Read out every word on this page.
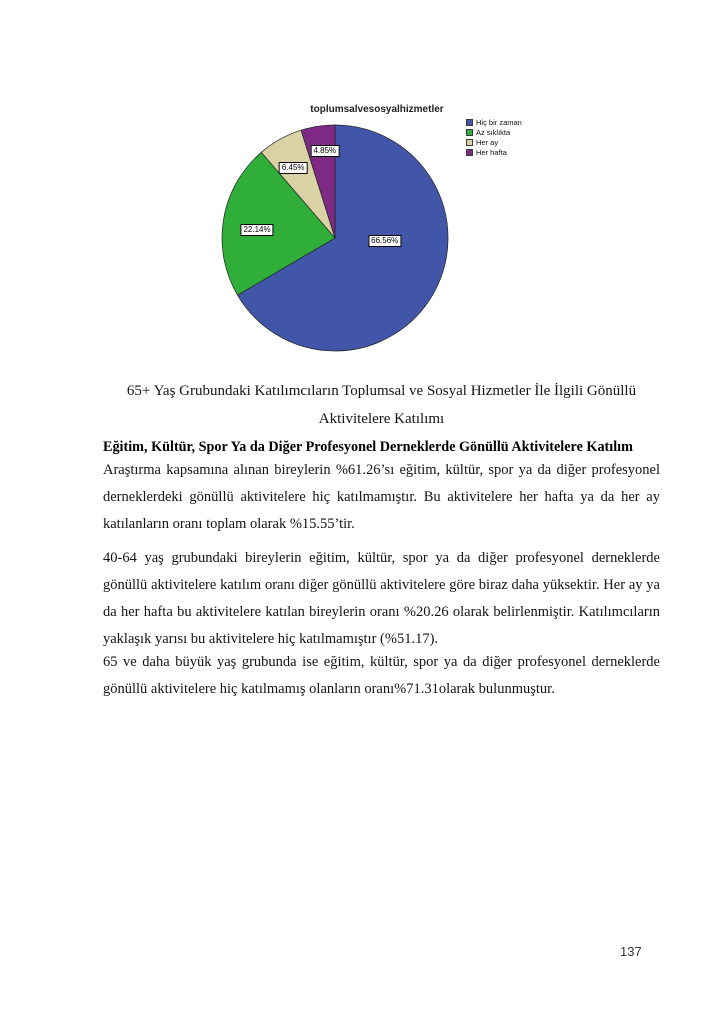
toplumsalvesosyalhizmetler
66.56%
22.14%
6.45%
4.85%
Hiç bir zaman
Az sıklıkta
Her ay
Her hafta
65+ Yaş Grubundaki Katılımcıların Toplumsal ve Sosyal Hizmetler İle İlgili Gönüllü
Aktivitelere Katılımı
Eğitim, Kültür, Spor Ya da Diğer Profesyonel Derneklerde Gönüllü Aktivitelere Katılım

Araştırma kapsamına alınan bireylerin %61.26’sı eğitim, kültür, spor ya da diğer profesyonel derneklerdeki gönüllü aktivitelere hiç katılmamıştır. Bu aktivitelere her hafta ya da her ay katılanların oranı toplam olarak %15.55’tir.

40-64 yaş grubundaki bireylerin eğitim, kültür, spor ya da diğer profesyonel derneklerde gönüllü aktivitelere katılım oranı diğer gönüllü aktivitelere göre biraz daha yüksektir. Her ay ya da her hafta bu aktivitelere katılan bireylerin oranı %20.26 olarak belirlenmiştir. Katılımcıların yaklaşık yarısı bu aktivitelere hiç katılmamıştır (%51.17).

65 ve daha büyük yaş grubunda ise eğitim, kültür, spor ya da diğer profesyonel derneklerde gönüllü aktivitelere hiç katılmamış olanların oranı%71.31olarak bulunmuştur.

137
